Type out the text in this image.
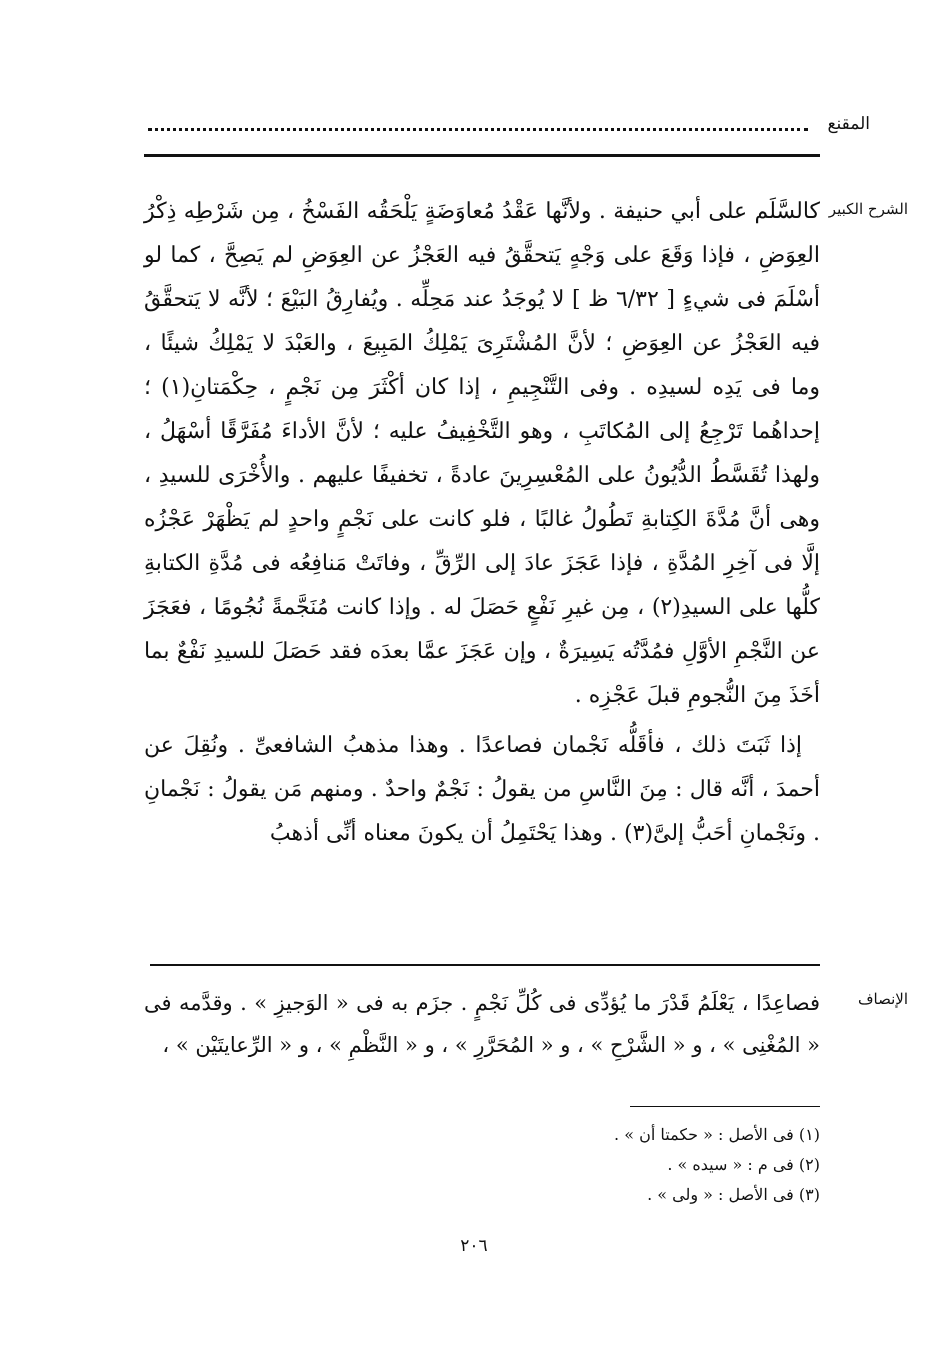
المقنع
الشرح الكبير

كالسَّلَم على أبي حنيفة . ولأنَّها عَقْدُ مُعاوَضَةٍ يَلْحَقُه الفَسْخُ ، مِن شَرْطِه ذِكْرُ العِوَضِ ، فإذا وَقَعَ على وَجْهٍ يَتحقَّقُ فيه العَجْزُ عن العِوَضِ لم يَصِحَّ ، كما لو أسْلَمَ فى شيءٍ [ ٦/٣٢ ظ ] لا يُوجَدُ عند مَحِلِّه . ويُفارِقُ البَيْعَ ؛ لأنَّه لا يَتحقَّقُ فيه العَجْزُ عن العِوَضِ ؛ لأنَّ المُشْتَرِىَ يَمْلِكُ المَبِيعَ ، والعَبْدَ لا يَمْلِكُ شيئًا ، وما فى يَدِه لسيدِه . وفى التَّنْجِيمِ ، إذا كان أكْثَرَ مِن نَجْمٍ ، حِكْمَتانِ(١) ؛ إحداهُما تَرْجِعُ إلى المُكاتَبِ ، وهو التَّخْفِيفُ عليه ؛ لأنَّ الأداءَ مُفَرَّقًا أسْهَلُ ، ولهذا تُقَسَّطُ الدُّيُونُ على المُعْسِرِينَ عادةً ، تخفيفًا عليهم . والأُخْرَى للسيدِ ، وهى أنَّ مُدَّةَ الكِتابةِ تَطُولُ غالبًا ، فلو كانت على نَجْمٍ واحدٍ لم يَظْهَرْ عَجْزُه إلَّا فى آخِرِ المُدَّةِ ، فإذا عَجَزَ عادَ إلى الرِّقِّ ، وفاتَتْ مَنافِعُه فى مُدَّةِ الكتابةِ كلُّها على السيدِ(٢) ، مِن غيرِ نَفْعٍ حَصَلَ له . وإذا كانت مُنَجَّمةً نُجُومًا ، فعَجَزَ عن النَّجْمِ الأوَّلِ فمُدَّتُه يَسِيرَةٌ ، وإن عَجَزَ عمَّا بعدَه فقد حَصَلَ للسيدِ نَفْعٌ بما أخَذَ مِنَ النُّجومِ قبلَ عَجْزِه .

إذا ثَبَتَ ذلك ، فأقَلُّه نَجْمان فصاعدًا . وهذا مذهبُ الشافعىِّ . ونُقِلَ عن أحمدَ ، أنَّه قال : مِنَ النَّاسِ من يقولُ : نَجْمٌ واحدٌ . ومنهم مَن يقولُ : نَجْمانِ . ونَجْمانِ أحَبُّ إلىَّ(٣) . وهذا يَحْتَمِلُ أن يكونَ معناه أنِّى أذهبُ

الإنصاف

فصاعِدًا ، يَعْلَمُ قَدْرَ ما يُؤدِّى فى كُلِّ نَجْمٍ . جزَم به فى « الوَجيزِ » . وقدَّمه فى « المُغْنِى » ، و « الشَّرْحِ » ، و « المُحَرَّرِ » ، و « النَّظْمِ » ، و « الرِّعايتَيْن » ،

(١) فى الأصل : « حكمتا أن » .
(٢) فى م : « سيده » .
(٣) فى الأصل : « ولى » .
٢٠٦
